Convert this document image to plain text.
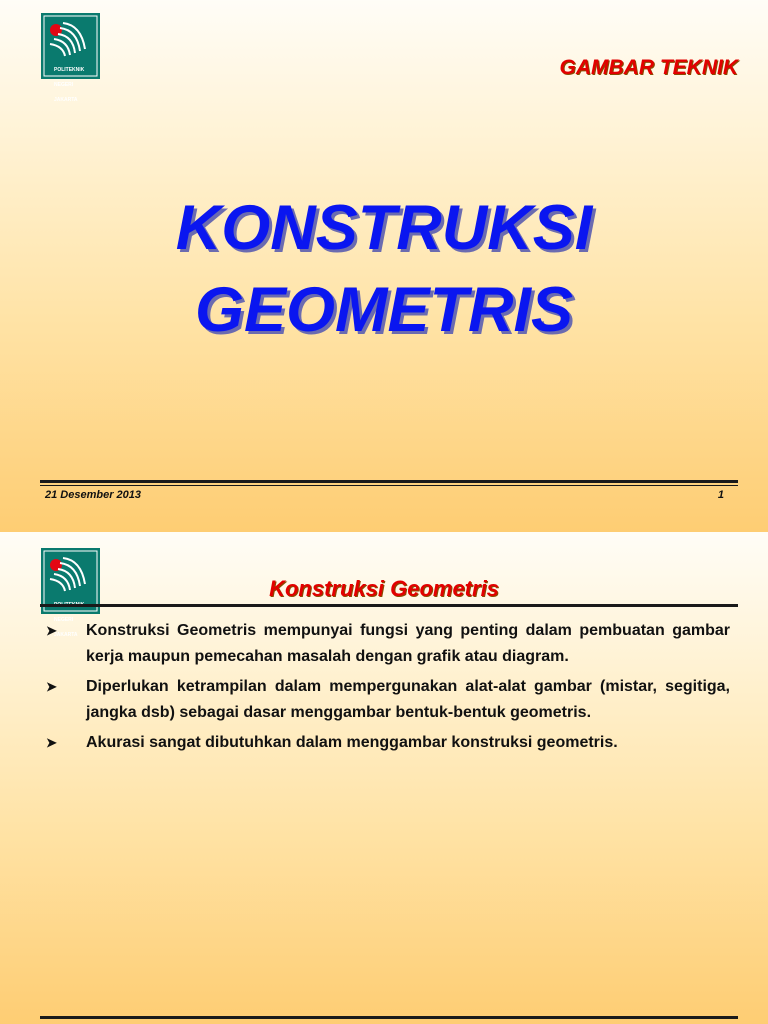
POLITEKNIK

NEGERI

JAKARTA

GAMBAR TEKNIK
KONSTRUKSI
GEOMETRIS
21 Desember 2013	1

NEGERI

JAKARTA

Konstruksi Geometris
➤ Konstruksi Geometris mempunyai fungsi yang penting dalam pembuatan gambar kerja maupun pemecahan masalah dengan grafik atau diagram.
➤ Diperlukan ketrampilan dalam mempergunakan alat-alat gambar (mistar, segitiga, jangka dsb) sebagai dasar menggambar bentuk-bentuk geometris.
➤ Akurasi sangat dibutuhkan dalam menggambar konstruksi geometris.
